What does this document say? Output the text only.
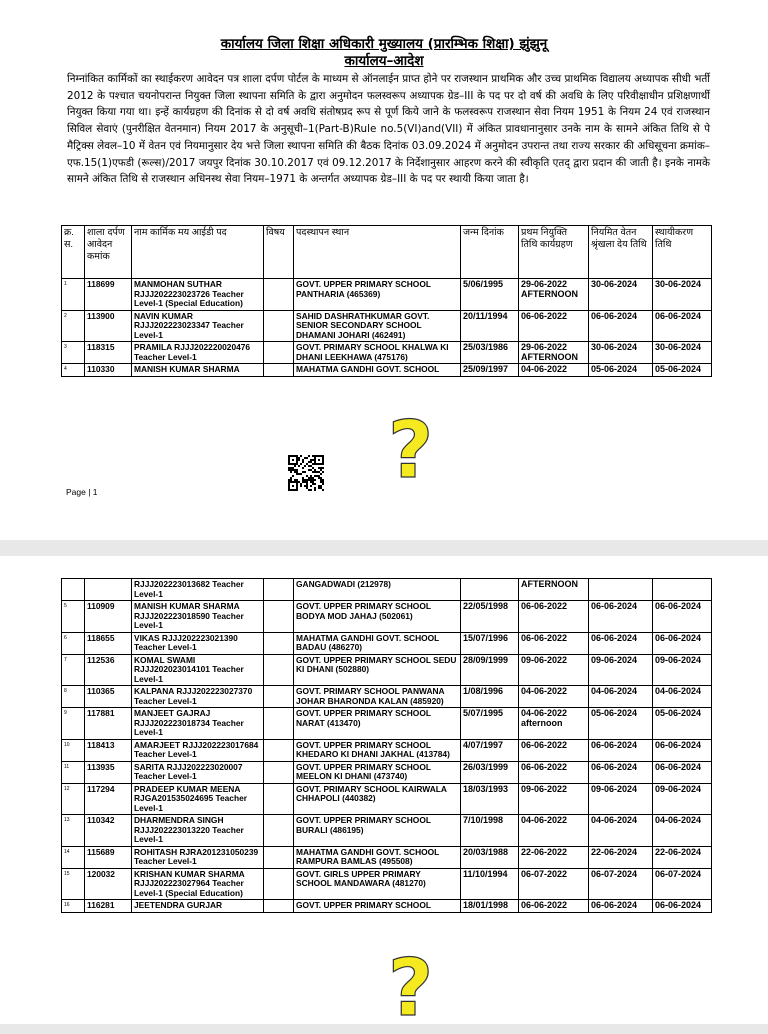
कार्यालय जिला शिक्षा अधिकारी मुख्यालय (प्रारम्भिक शिक्षा) झुंझुनू
कार्यालय–आदेश

निम्नांकित कार्मिकों का स्थाईकरण आवेदन पत्र शाला दर्पण पोर्टल के माध्यम से ऑनलाईन प्राप्त होने पर राजस्थान प्राथमिक और उच्च प्राथमिक विद्यालय अध्यापक सीधी भर्ती 2012 के पश्चात चयनोपरान्त नियुक्त जिला स्थापना समिति के द्वारा अनुमोदन फलस्वरूप अध्यापक ग्रेड–III के पद पर दो वर्ष की अवधि के लिए परिवीक्षाधीन प्रशिक्षणार्थी नियुक्त किया गया था। इन्हें कार्यग्रहण की दिनांक से दो वर्ष अवधि संतोषप्रद रूप से पूर्ण किये जाने के फलस्वरूप राजस्थान सेवा नियम 1951 के नियम 24 एवं राजस्थान सिविल सेवाएं (पुनरीक्षित वेतनमान) नियम 2017 के अनुसूची–1(Part-B)Rule no.5(VI)and(VII) में अंकित प्रावधानानुसार उनके नाम के सामने अंकित तिथि से पे मैट्रिक्स लेवल–10 में वेतन एवं नियमानुसार देय भत्ते जिला स्थापना समिति की बैठक दिनांक 03.09.2024 में अनुमोदन उपरान्त तथा राज्य सरकार की अधिसूचना क्रमांक–एफ.15(1)एफडी (रूल्स)/2017 जयपुर दिनांक 30.10.2017 एवं 09.12.2017 के निर्देशानुसार आहरण करने की स्वीकृति एतद् द्वारा प्रदान की जाती है। इनके नामके सामने अंकित तिथि से राजस्थान अधिनस्थ सेवा नियम–1971 के अन्तर्गत अध्यापक ग्रेड–III के पद पर स्थायी किया जाता है।

क्र. स.	शाला दर्पण आवेदन कमांक	नाम कार्मिक मय आईडी पद	विषय	पदस्थापन स्थान	जन्म दिनांक	प्रथम नियुक्ति तिथि कार्यग्रहण	नियमित वेतन श्रृंखला देय तिथि	स्थायीकरण तिथि
1	118699	MANMOHAN SUTHAR RJJJ202223023726 Teacher Level-1 (Special Education)		GOVT. UPPER PRIMARY SCHOOL PANTHARIA (465369)	5/06/1995	29-06-2022 AFTERNOON	30-06-2024	30-06-2024
2	113900	NAVIN KUMAR RJJJ202223023347 Teacher Level-1		SAHID DASHRATHKUMAR GOVT. SENIOR SECONDARY SCHOOL DHAMANI JOHARI (462491)	20/11/1994	06-06-2022	06-06-2024	06-06-2024
3	118315	PRAMILA RJJJ202220020476 Teacher Level-1		GOVT. PRIMARY SCHOOL KHALWA KI DHANI LEEKHAWA (475176)	25/03/1986	29-06-2022 AFTERNOON	30-06-2024	30-06-2024
4	110330	MANISH KUMAR SHARMA		MAHATMA GANDHI GOVT. SCHOOL	25/09/1997	04-06-2022	05-06-2024	05-06-2024
?
Page | 1
		RJJJ202223013682 Teacher Level-1		GANGADWADI (212978)		AFTERNOON		
5	110909	MANISH KUMAR SHARMA RJJJ202223018590 Teacher Level-1		GOVT. UPPER PRIMARY SCHOOL BODYA MOD JAHAJ (502061)	22/05/1998	06-06-2022	06-06-2024	06-06-2024
6	118655	VIKAS RJJJ202223021390 Teacher Level-1		MAHATMA GANDHI GOVT. SCHOOL BADAU (486270)	15/07/1996	06-06-2022	06-06-2024	06-06-2024
7	112536	KOMAL SWAMI RJJJ202023014101 Teacher Level-1		GOVT. UPPER PRIMARY SCHOOL SEDU KI DHANI (502880)	28/09/1999	09-06-2022	09-06-2024	09-06-2024
8	110365	KALPANA RJJJ202223027370 Teacher Level-1		GOVT. PRIMARY SCHOOL PANWANA JOHAR BHARONDA KALAN (485920)	1/08/1996	04-06-2022	04-06-2024	04-06-2024
9	117881	MANJEET GAJRAJ RJJJ202223018734 Teacher Level-1		GOVT. UPPER PRIMARY SCHOOL NARAT (413470)	5/07/1995	04-06-2022 afternoon	05-06-2024	05-06-2024
10	118413	AMARJEET RJJJ202223017684 Teacher Level-1		GOVT. UPPER PRIMARY SCHOOL KHEDARO KI DHANI JAKHAL (413784)	4/07/1997	06-06-2022	06-06-2024	06-06-2024
11	113935	SARITA RJJJ202223020007 Teacher Level-1		GOVT. UPPER PRIMARY SCHOOL MEELON KI DHANI (473740)	26/03/1999	06-06-2022	06-06-2024	06-06-2024
12	117294	PRADEEP KUMAR MEENA RJGA201535024695 Teacher Level-1		GOVT. PRIMARY SCHOOL KAIRWALA CHHAPOLI (440382)	18/03/1993	09-06-2022	09-06-2024	09-06-2024
13	110342	DHARMENDRA SINGH RJJJ202223013220 Teacher Level-1		GOVT. UPPER PRIMARY SCHOOL BURALI (486195)	7/10/1998	04-06-2022	04-06-2024	04-06-2024
14	115689	ROHITASH RJRA201231050239 Teacher Level-1		MAHATMA GANDHI GOVT. SCHOOL RAMPURA BAMLAS (495508)	20/03/1988	22-06-2022	22-06-2024	22-06-2024
15	120032	KRISHAN KUMAR SHARMA RJJJ202223027964 Teacher Level-1 (Special Education)		GOVT. GIRLS UPPER PRIMARY SCHOOL MANDAWARA (481270)	11/10/1994	06-07-2022	06-07-2024	06-07-2024
16	116281	JEETENDRA GURJAR		GOVT. UPPER PRIMARY SCHOOL	18/01/1998	06-06-2022	06-06-2024	06-06-2024
?
